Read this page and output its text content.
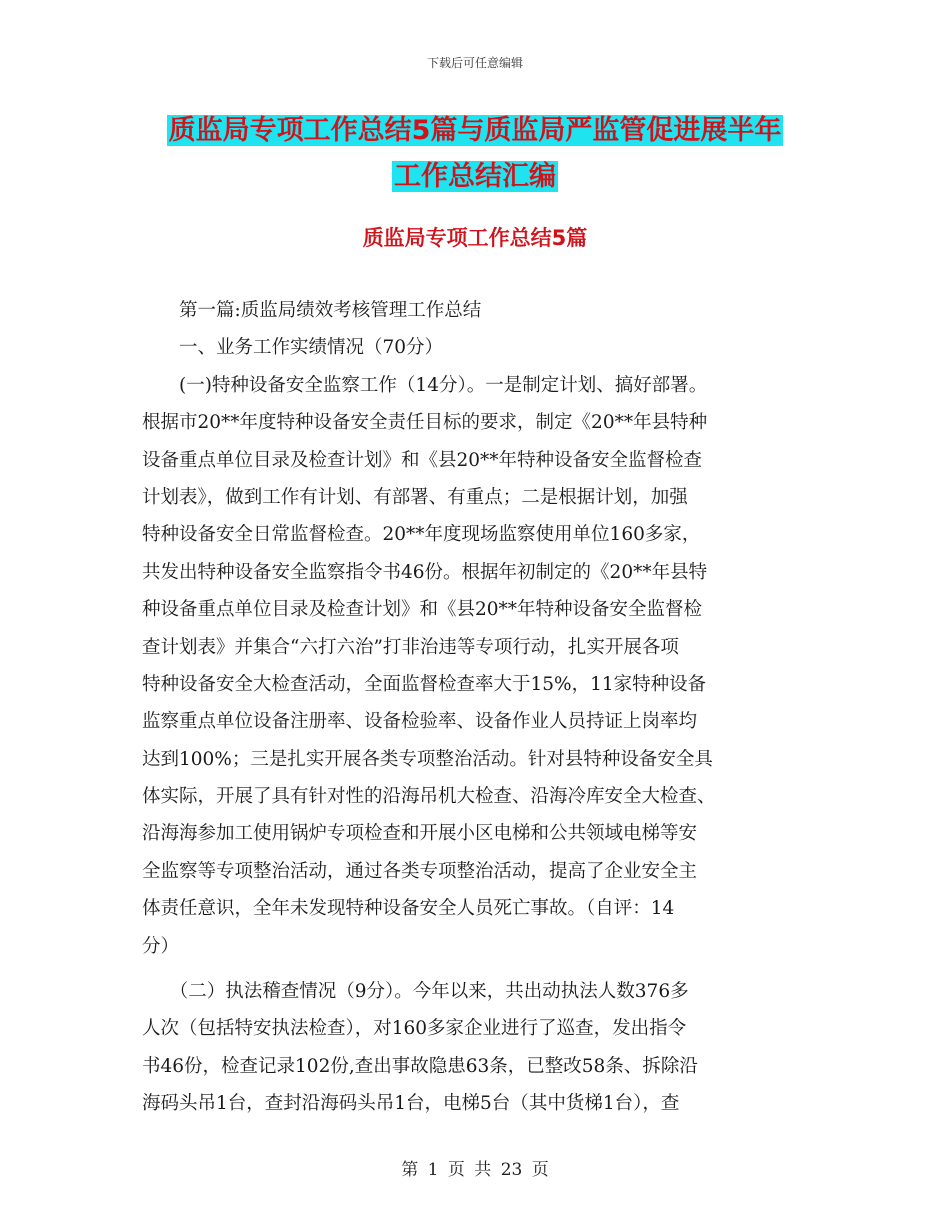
下载后可任意编辑
质监局专项工作总结5篇与质监局严监管促进展半年
工作总结汇编
质监局专项工作总结5篇
　　第一篇:质监局绩效考核管理工作总结
　　一、业务工作实绩情况（70分）
　　(一)特种设备安全监察工作（14分）。一是制定计划、搞好部署。
根据市20**年度特种设备安全责任目标的要求，制定《20**年县特种
设备重点单位目录及检查计划》和《县20**年特种设备安全监督检查
计划表》，做到工作有计划、有部署、有重点；二是根据计划，加强
特种设备安全日常监督检查。20**年度现场监察使用单位160多家，
共发出特种设备安全监察指令书46份。根据年初制定的《20**年县特
种设备重点单位目录及检查计划》和《县20**年特种设备安全监督检
查计划表》并集合“六打六治”打非治违等专项行动，扎实开展各项
特种设备安全大检查活动，全面监督检查率大于15%，11家特种设备
监察重点单位设备注册率、设备检验率、设备作业人员持证上岗率均
达到100%；三是扎实开展各类专项整治活动。针对县特种设备安全具
体实际，开展了具有针对性的沿海吊机大检查、沿海冷库安全大检查、
沿海海参加工使用锅炉专项检查和开展小区电梯和公共领域电梯等安
全监察等专项整治活动，通过各类专项整治活动，提高了企业安全主
体责任意识，全年未发现特种设备安全人员死亡事故。（自评：14
分）
　　（二）执法稽查情况（9分）。今年以来，共出动执法人数376多
人次（包括特安执法检查），对160多家企业进行了巡查，发出指令
书46份，检查记录102份,查出事故隐患63条，已整改58条、拆除沿
海码头吊1台，查封沿海码头吊1台，电梯5台（其中货梯1台），查
第 1 页 共 23 页
